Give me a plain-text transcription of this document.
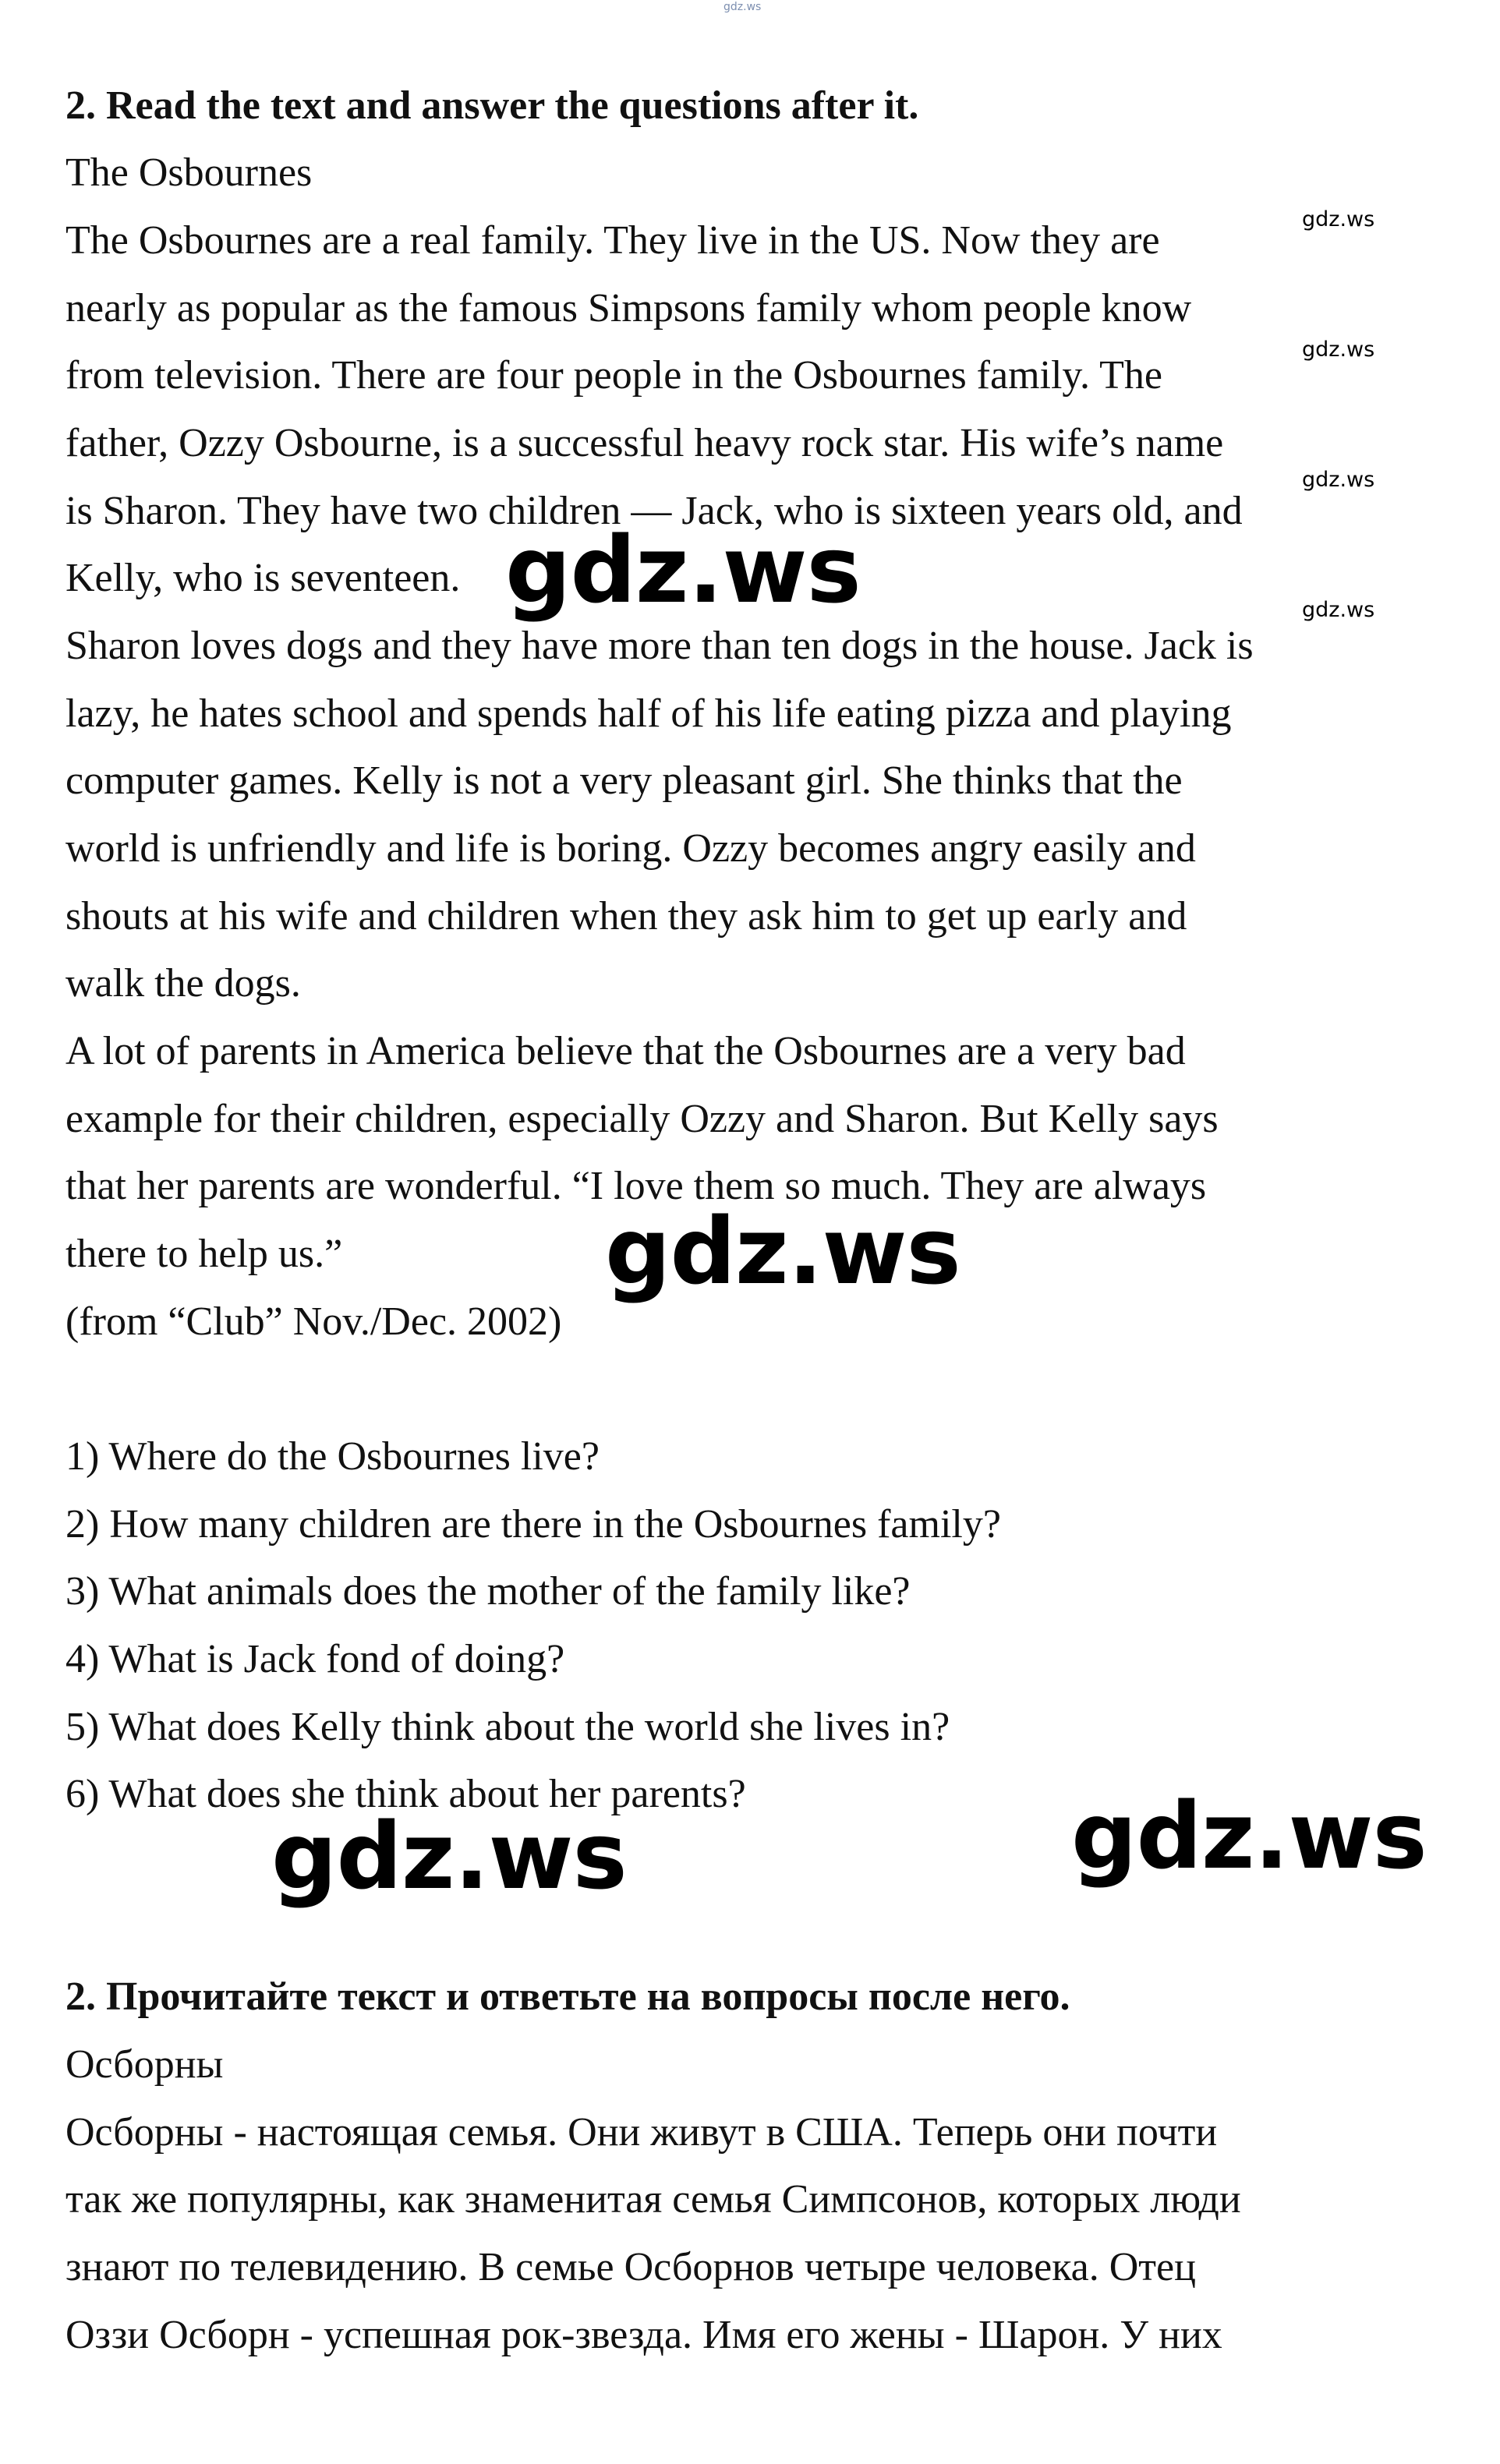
gdz.ws
2. Read the text and answer the questions after it.
The Osbournes
The Osbournes are a real family. They live in the US. Now they are
nearly as popular as the famous Simpsons family whom people know
from television. There are four people in the Osbournes family. The
father, Ozzy Osbourne, is a successful heavy rock star. His wife’s name
is Sharon. They have two children — Jack, who is sixteen years old, and
Kelly, who is seventeen.
Sharon loves dogs and they have more than ten dogs in the house. Jack is
lazy, he hates school and spends half of his life eating pizza and playing
computer games. Kelly is not a very pleasant girl. She thinks that the
world is unfriendly and life is boring. Ozzy becomes angry easily and
shouts at his wife and children when they ask him to get up early and
walk the dogs.
A lot of parents in America believe that the Osbournes are a very bad
example for their children, especially Ozzy and Sharon. But Kelly says
that her parents are wonderful. “I love them so much. They are always
there to help us.”
(from “Club” Nov./Dec. 2002)
1) Where do the Osbournes live?
2) How many children are there in the Osbournes family?
3) What animals does the mother of the family like?
4) What is Jack fond of doing?
5) What does Kelly think about the world she lives in?
6) What does she think about her parents?
2. Прочитайте текст и ответьте на вопросы после него.
Осборны
Осборны - настоящая семья. Они живут в США. Теперь они почти
так же популярны, как знаменитая семья Симпсонов, которых люди
знают по телевидению. В семье Осборнов четыре человека. Отец
Оззи Осборн - успешная рок-звезда. Имя его жены - Шарон. У них
gdz.ws
gdz.ws
gdz.ws
gdz.ws
gdz.ws
gdz.ws
gdz.ws	gdz.ws
